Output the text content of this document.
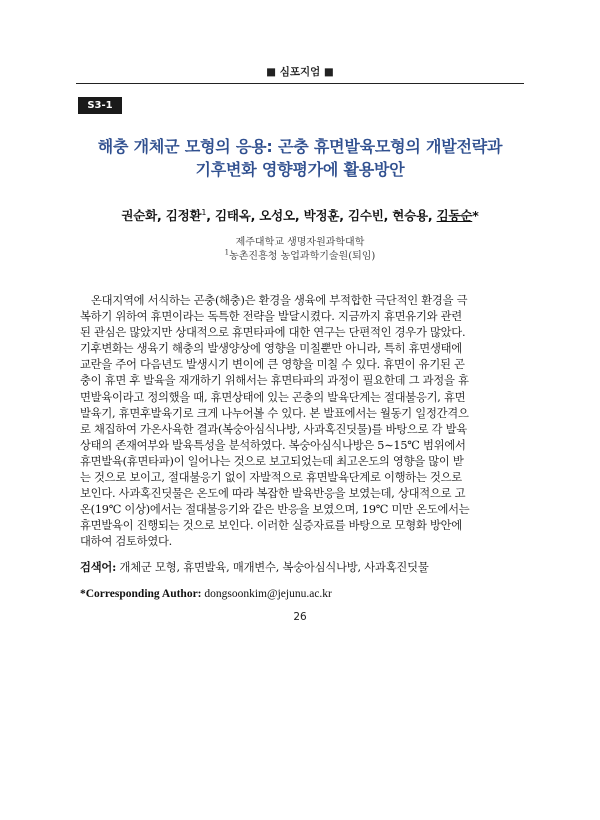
■ 심포지엄 ■
S3-1
해충 개체군 모형의 응용: 곤충 휴면발육모형의 개발전략과
기후변화 영향평가에 활용방안
권순화, 김정환$^1$, 김태옥, 오성오, 박정훈, 김수빈, 현승용, 김동순*
제주대학교 생명자원과학대학
$^1$농촌진흥청 농업과학기술원(퇴임)
온대지역에 서식하는 곤충(해충)은 환경을 생육에 부적합한 극단적인 환경을 극
복하기 위하여 휴면이라는 독특한 전략을 발달시켰다. 지금까지 휴면유기와 관련
된 관심은 많았지만 상대적으로 휴면타파에 대한 연구는 단편적인 경우가 많았다.
기후변화는 생육기 해충의 발생양상에 영향을 미칠뿐만 아니라, 특히 휴면생태에
교란을 주어 다음년도 발생시기 변이에 큰 영향을 미칠 수 있다. 휴면이 유기된 곤
충이 휴면 후 발육을 재개하기 위해서는 휴면타파의 과정이 필요한데 그 과정을 휴
면발육이라고 정의했을 때, 휴면상태에 있는 곤충의 발육단계는 절대불응기, 휴면
발육기, 휴면후발육기로 크게 나누어볼 수 있다. 본 발표에서는 월동기 일정간격으
로 채집하여 가온사육한 결과(복숭아심식나방, 사과혹진딧물)를 바탕으로 각 발육
상태의 존재여부와 발육특성을 분석하였다. 복숭아심식나방은 5∼15℃ 범위에서
휴면발육(휴면타파)이 일어나는 것으로 보고되었는데 최고온도의 영향을 많이 받
는 것으로 보이고, 절대불응기 없이 자발적으로 휴면발육단계로 이행하는 것으로
보인다. 사과혹진딧물은 온도에 따라 복잡한 발육반응을 보였는데, 상대적으로 고
온(19℃ 이상)에서는 절대불응기와 같은 반응을 보였으며, 19℃ 미만 온도에서는
휴면발육이 진행되는 것으로 보인다. 이러한 실증자료를 바탕으로 모형화 방안에
대하여 검토하였다.
검색어: 개체군 모형, 휴면발육, 매개변수, 복숭아심식나방, 사과혹진딧물
*Corresponding Author: dongsoonkim@jejunu.ac.kr
26
